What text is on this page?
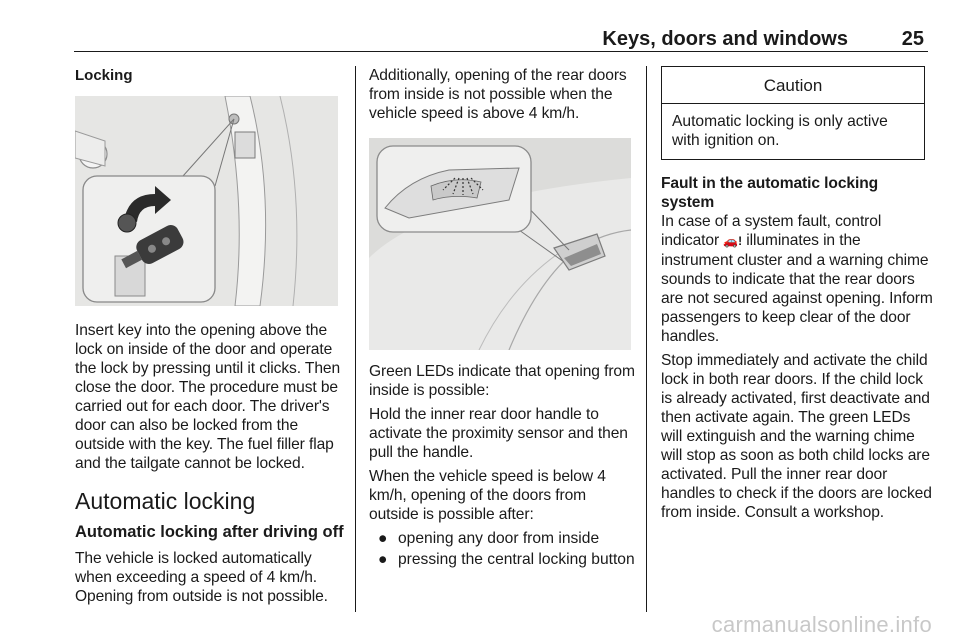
Keys, doors and windows	25
Locking
Insert key into the opening above the lock on inside of the door and operate the lock by pressing until it clicks. Then close the door. The procedure must be carried out for each door. The driver's door can also be locked from the outside with the key. The fuel filler flap and the tailgate cannot be locked.
Automatic locking
Automatic locking after driving off
The vehicle is locked automatically when exceeding a speed of 4 km/h. Opening from outside is not possible.
Additionally, opening of the rear doors from inside is not possible when the vehicle speed is above 4 km/h.
Green LEDs indicate that opening from inside is possible:
Hold the inner rear door handle to activate the proximity sensor and then pull the handle.
When the vehicle speed is below 4 km/h, opening of the doors from outside is possible after:
● opening any door from inside
● pressing the central locking button
Caution
Automatic locking is only active with ignition on.
Fault in the automatic locking system
In case of a system fault, control indicator 🚗! illuminates in the instrument cluster and a warning chime sounds to indicate that the rear doors are not secured against opening. Inform passengers to keep clear of the door handles.
Stop immediately and activate the child lock in both rear doors. If the child lock is already activated, first deactivate and then activate again. The green LEDs will extinguish and the warning chime will stop as soon as both child locks are activated. Pull the inner rear door handles to check if the doors are locked from inside. Consult a workshop.
carmanualsonline.info
